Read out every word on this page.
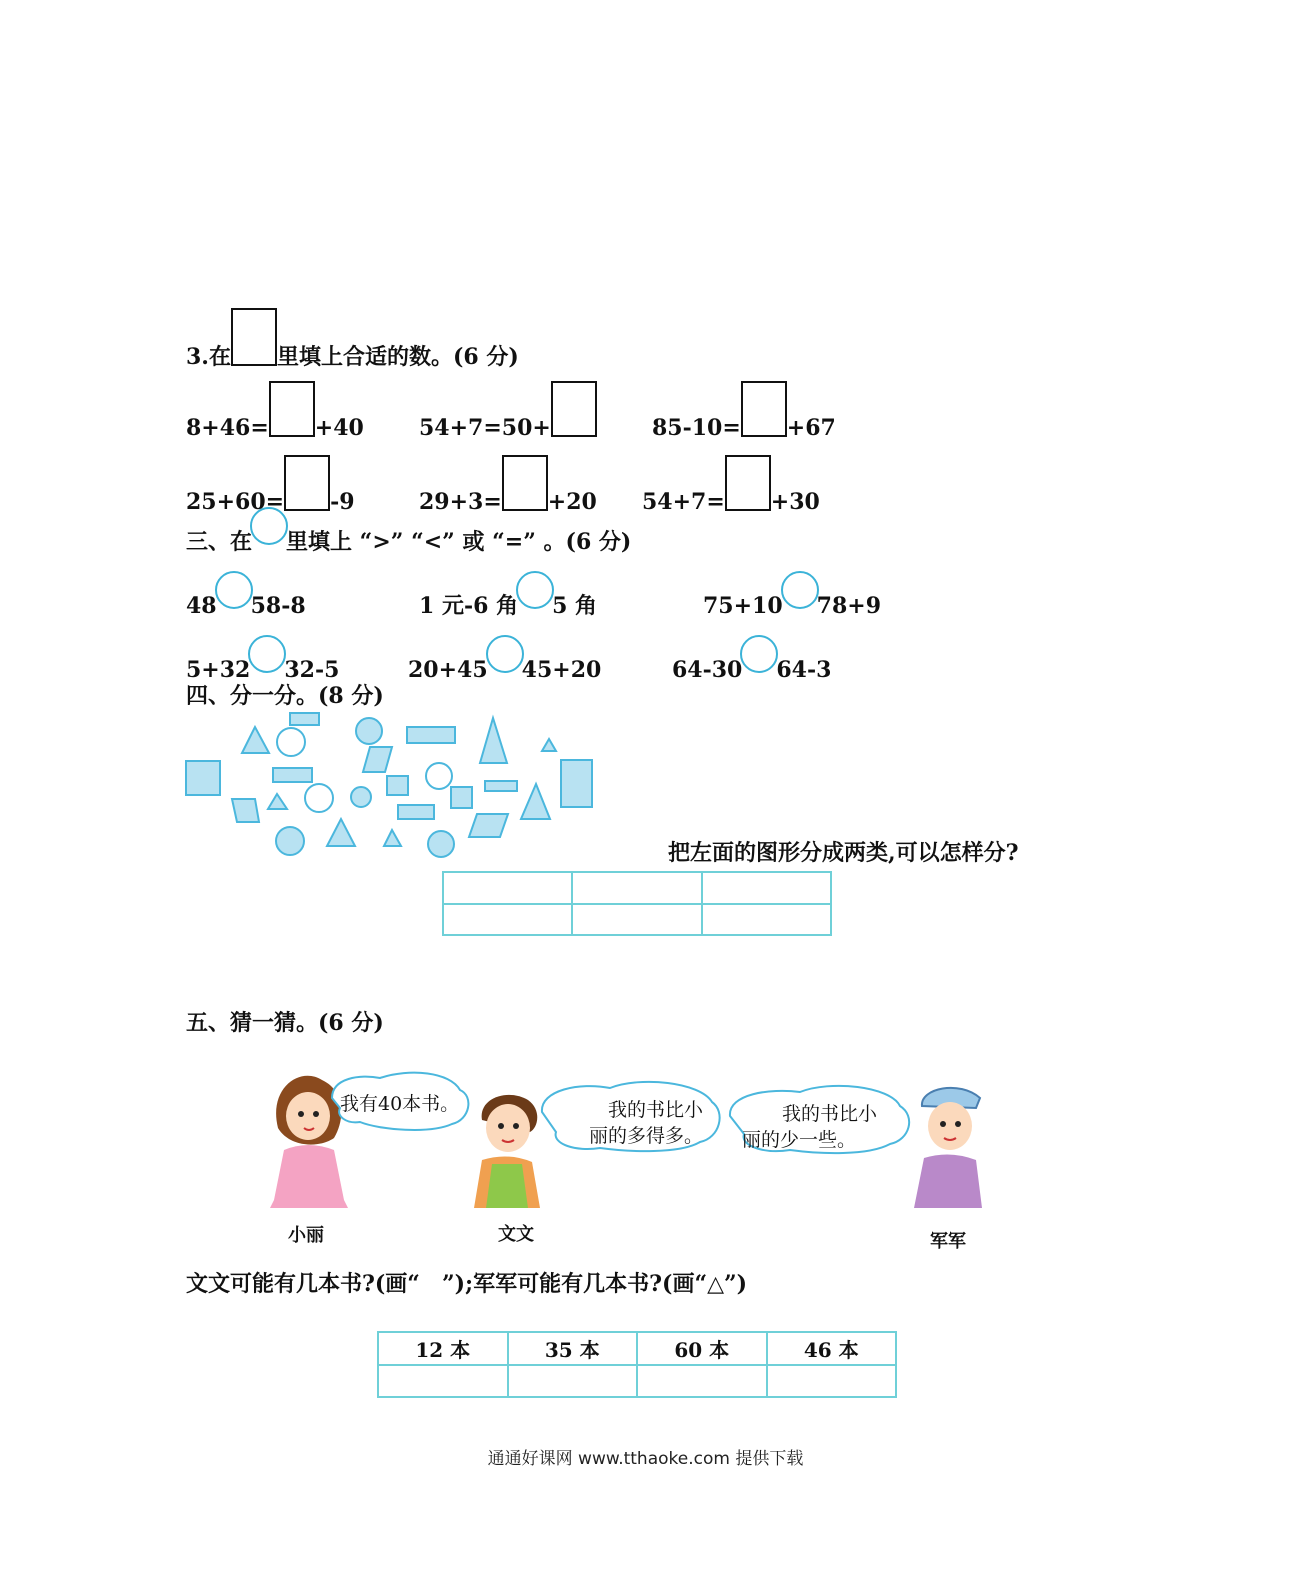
3.在 里填上合适的数。(6 分)
8+46= +40	54+7=50+	85-10= +67
25+60= -9	29+3= +20 54+7= +30
三、在 里填上 “>” “<” 或 “=” 。(6 分)
48 58-8	1 元-6 角 5 角	75+10 78+9
5+32 32-5	20+45 45+20	64-30 64-3
四、分一分。(8 分)
把左面的图形分成两类,可以怎样分?

五、猜一猜。(6 分)
我有40本书。	我的书比小
丽的多得多。
我的书比小
丽的少一些。
小丽	文文	军军
文文可能有几本书?(画“　”);军军可能有几本书?(画“△”)
12 本	35 本	60 本	46 本

通通好课网 www.tthaoke.com 提供下载
